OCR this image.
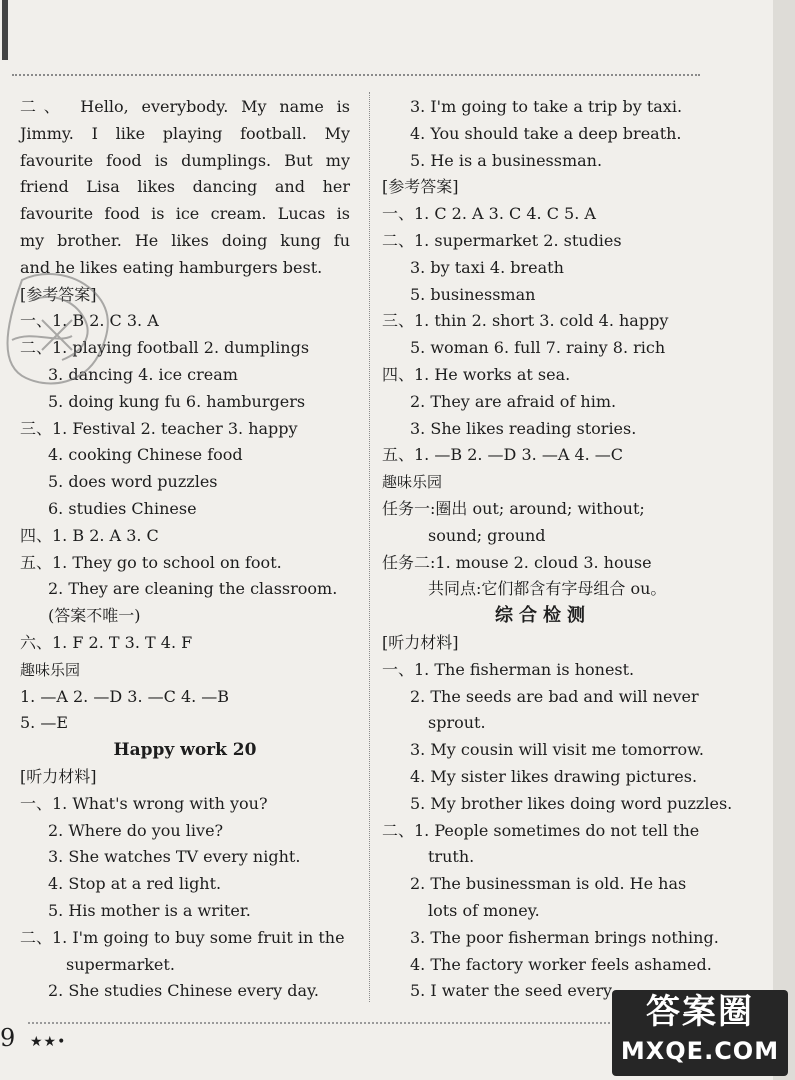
二、 Hello, everybody. My name is
Jimmy. I like playing football. My
favourite food is dumplings. But my
friend Lisa likes dancing and her
favourite food is ice cream. Lucas is
my brother. He likes doing kung fu
and he likes eating hamburgers best.
[参考答案]
一、1. B 2. C 3. A
二、1. playing football 2. dumplings
3. dancing 4. ice cream
5. doing kung fu 6. hamburgers
三、1. Festival 2. teacher 3. happy
4. cooking Chinese food
5. does word puzzles
6. studies Chinese
四、1. B 2. A 3. C
五、1. They go to school on foot.
2. They are cleaning the classroom.
(答案不唯一)
六、1. F 2. T 3. T 4. F
趣味乐园
1. —A 2. —D 3. —C 4. —B
5. —E
Happy work 20
[听力材料]
一、1. What's wrong with you?
2. Where do you live?
3. She watches TV every night.
4. Stop at a red light.
5. His mother is a writer.
二、1. I'm going to buy some fruit in the
supermarket.
2. She studies Chinese every day.
3. I'm going to take a trip by taxi.
4. You should take a deep breath.
5. He is a businessman.
[参考答案]
一、1. C 2. A 3. C 4. C 5. A
二、1. supermarket 2. studies
3. by taxi 4. breath
5. businessman
三、1. thin 2. short 3. cold 4. happy
5. woman 6. full 7. rainy 8. rich
四、1. He works at sea.
2. They are afraid of him.
3. She likes reading stories.
五、1. —B 2. —D 3. —A 4. —C
趣味乐园
任务一:圈出 out; around; without;
sound; ground
任务二:1. mouse 2. cloud 3. house
共同点:它们都含有字母组合 ou。
综合检测
[听力材料]
一、1. The fisherman is honest.
2. The seeds are bad and will never
sprout.
3. My cousin will visit me tomorrow.
4. My sister likes drawing pictures.
5. My brother likes doing word puzzles.
二、1. People sometimes do not tell the
truth.
2. The businessman is old. He has
lots of money.
3. The poor fisherman brings nothing.
4. The factory worker feels ashamed.
5. I water the seed every
9 ★★•
答案圈
MXQE.COM
